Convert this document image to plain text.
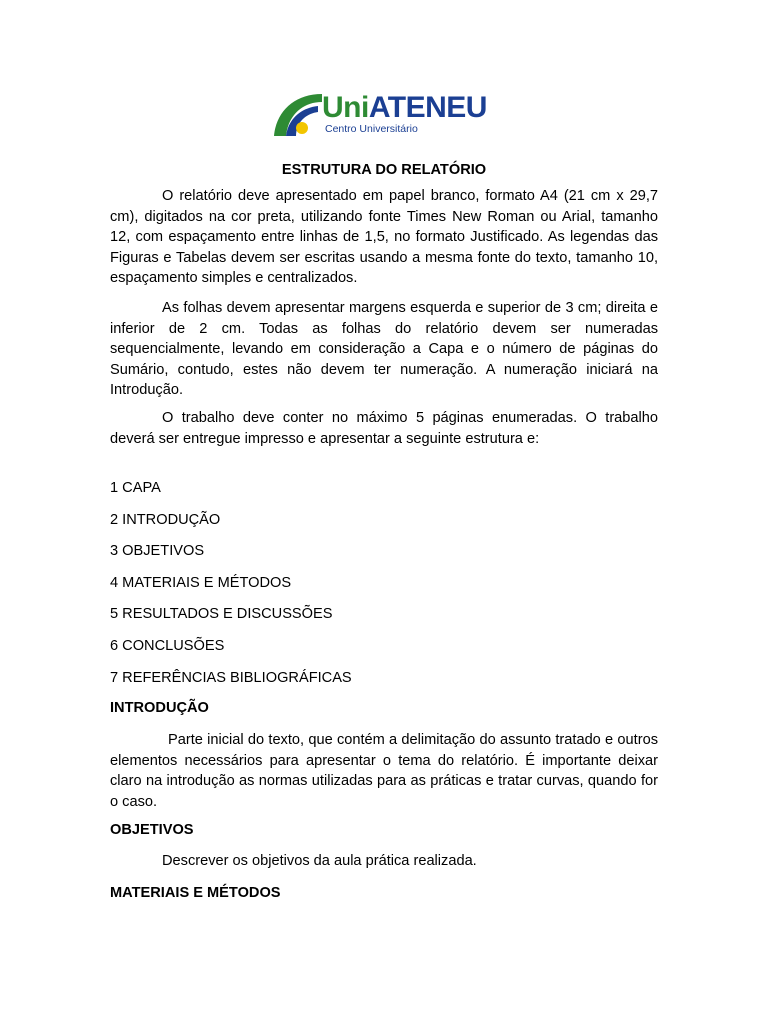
UniATENEU
Centro Universitário
ESTRUTURA DO RELATÓRIO

O relatório deve apresentado em papel branco, formato A4 (21 cm x 29,7 cm), digitados na cor preta, utilizando fonte Times New Roman ou Arial, tamanho 12, com espaçamento entre linhas de 1,5, no formato Justificado. As legendas das Figuras e Tabelas devem ser escritas usando a mesma fonte do texto, tamanho 10, espaçamento simples e centralizados.

As folhas devem apresentar margens esquerda e superior de 3 cm; direita e inferior de 2 cm. Todas as folhas do relatório devem ser numeradas sequencialmente, levando em consideração a Capa e o número de páginas do Sumário, contudo, estes não devem ter numeração. A numeração iniciará na Introdução.

O trabalho deve conter no máximo 5 páginas enumeradas. O trabalho deverá ser entregue impresso e apresentar a seguinte estrutura e:

1 CAPA
2 INTRODUÇÃO
3 OBJETIVOS
4 MATERIAIS E MÉTODOS
5 RESULTADOS E DISCUSSÕES
6 CONCLUSÕES
7 REFERÊNCIAS BIBLIOGRÁFICAS
INTRODUÇÃO

Parte inicial do texto, que contém a delimitação do assunto tratado e outros elementos necessários para apresentar o tema do relatório. É importante deixar claro na introdução as normas utilizadas para as práticas e tratar curvas, quando for o caso.

OBJETIVOS

Descrever os objetivos da aula prática realizada.

MATERIAIS E MÉTODOS
